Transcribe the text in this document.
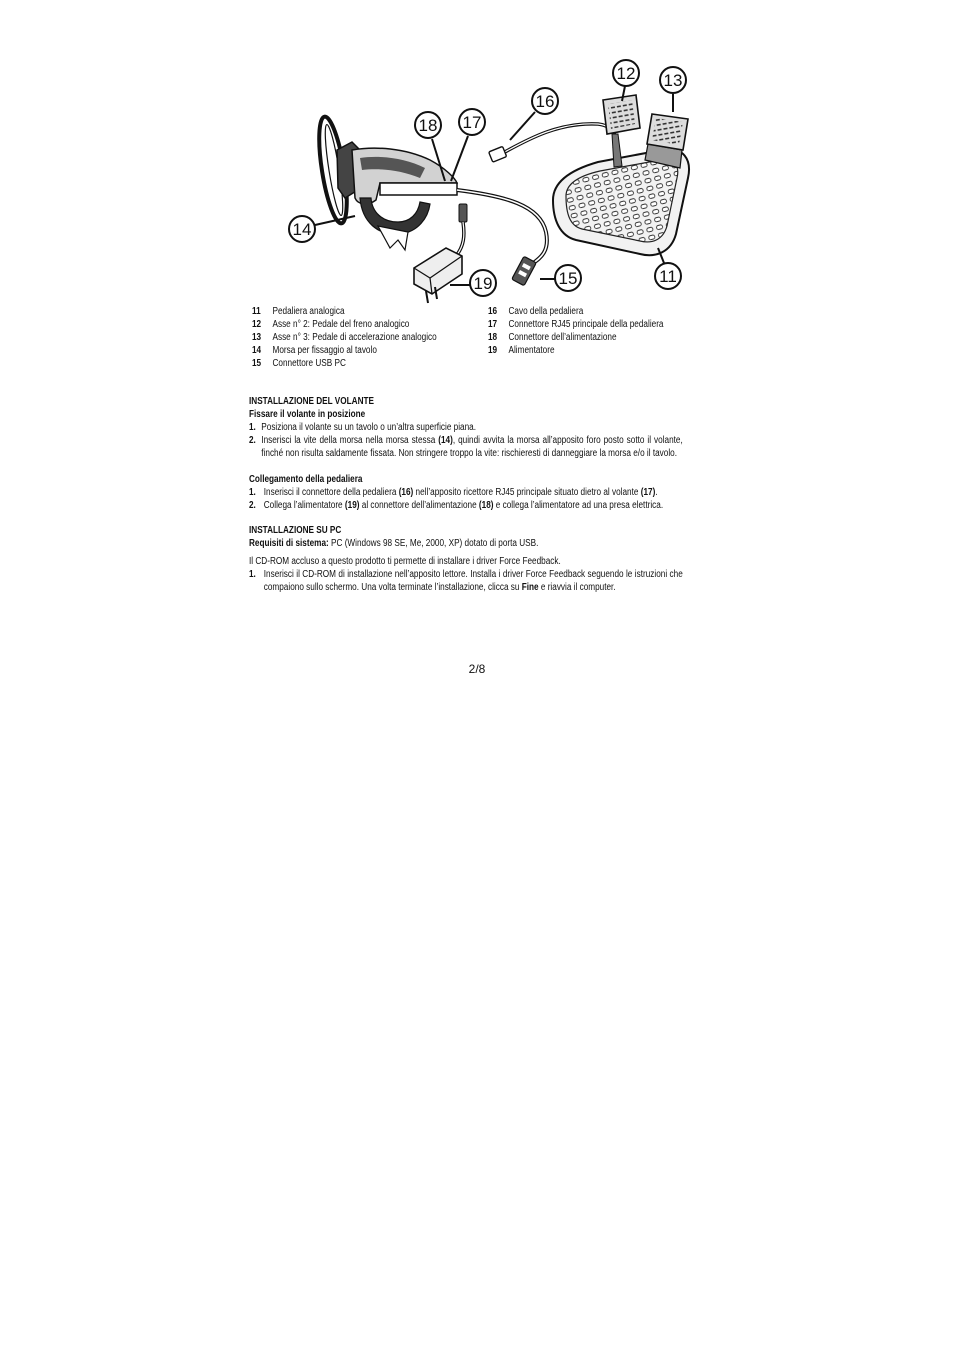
12 13
16
18 17
14
19	15	11
11	Pedaliera analogica
12	Asse n° 2: Pedale del freno analogico
13	Asse n° 3: Pedale di accelerazione analogico
14	Morsa per fissaggio al tavolo
15	Connettore USB PC
16	Cavo della pedaliera
17	Connettore RJ45 principale della pedaliera
18	Connettore dell’alimentazione
19	Alimentatore
INSTALLAZIONE DEL VOLANTE
Fissare il volante in posizione
1. Posiziona il volante su un tavolo o un’altra superficie piana.
2. Inserisci la vite della morsa nella morsa stessa (14), quindi avvita la morsa all’apposito foro posto sotto il volante, finché non risulta saldamente fissata. Non stringere troppo la vite: rischieresti di danneggiare la morsa e/o il tavolo.
Collegamento della pedaliera
1. Inserisci il connettore della pedaliera (16) nell’apposito ricettore RJ45 principale situato dietro al volante (17).
2. Collega l’alimentatore (19) al connettore dell’alimentazione (18) e collega l’alimentatore ad una presa elettrica.
INSTALLAZIONE SU PC
Requisiti di sistema: PC (Windows 98 SE, Me, 2000, XP) dotato di porta USB.
Il CD-ROM accluso a questo prodotto ti permette di installare i driver Force Feedback.
1. Inserisci il CD-ROM di installazione nell’apposito lettore. Installa i driver Force Feedback seguendo le istruzioni che compaiono sullo schermo. Una volta terminate l’installazione, clicca su Fine e riavvia il computer.
2/8
